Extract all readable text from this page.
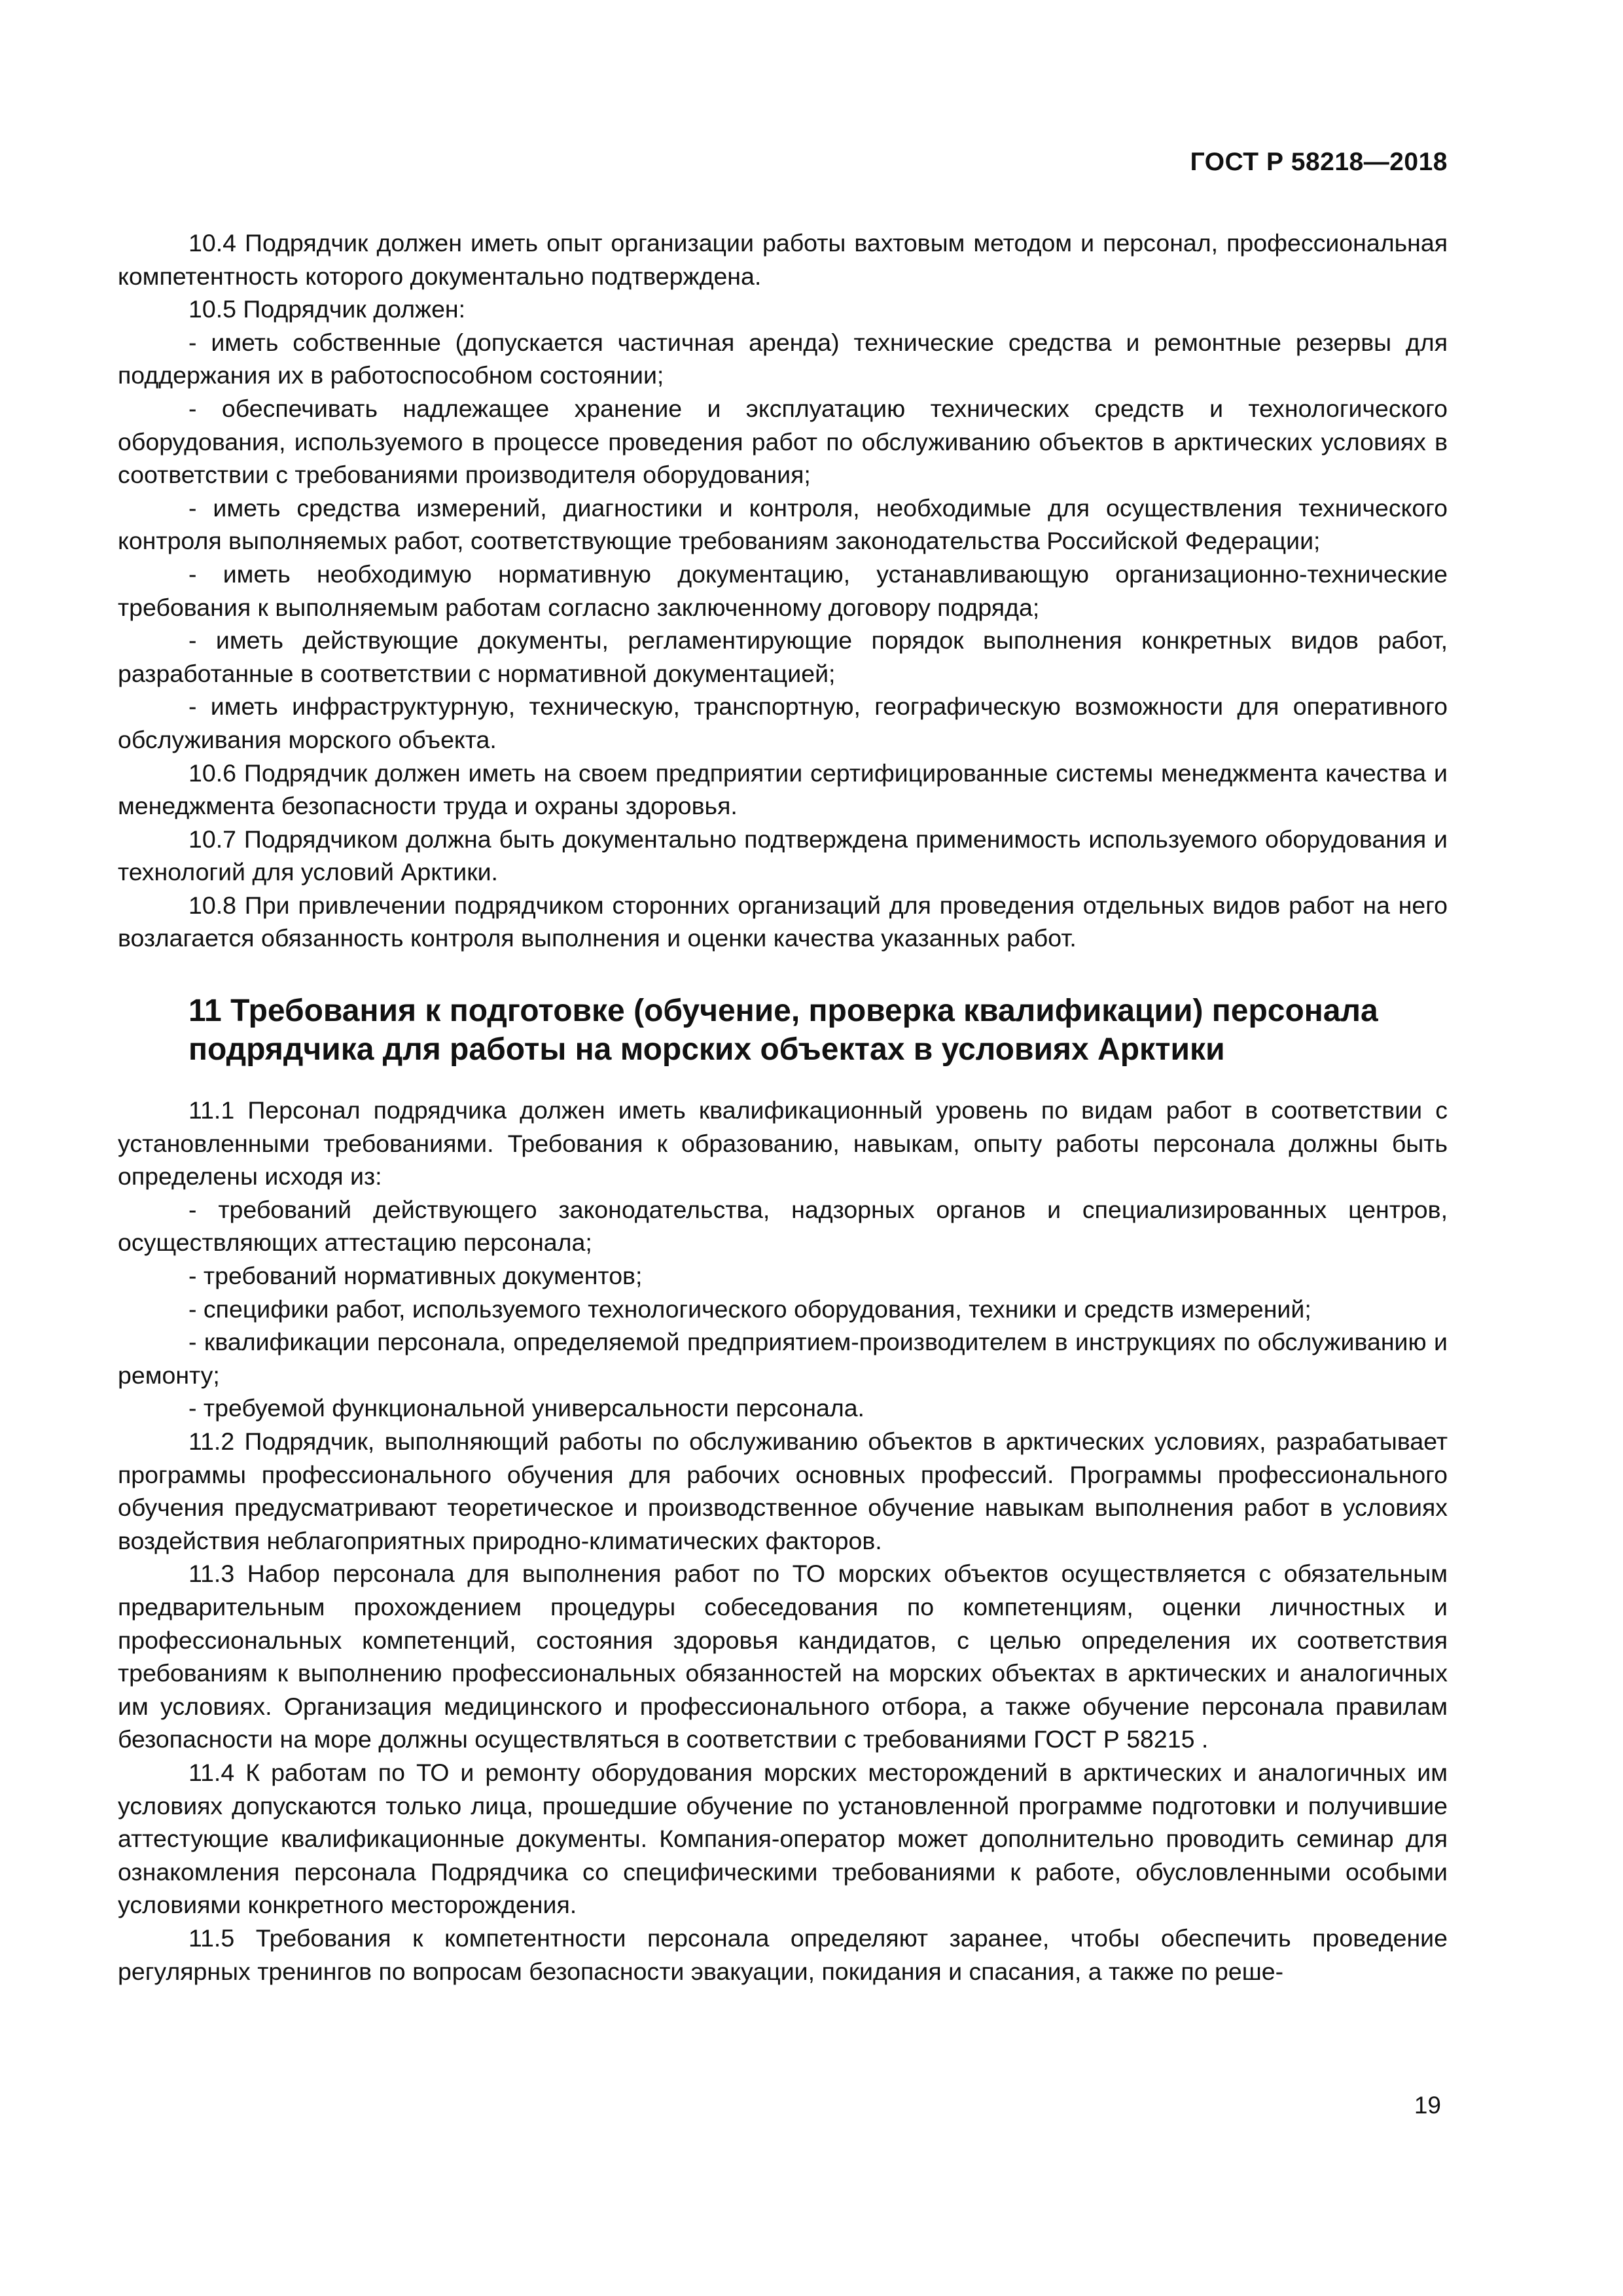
ГОСТ Р 58218—2018

10.4 Подрядчик должен иметь опыт организации работы вахтовым методом и персонал, профессиональная компетентность которого документально подтверждена.

10.5 Подрядчик должен:

- иметь собственные (допускается частичная аренда) технические средства и ремонтные резервы для поддержания их в работоспособном состоянии;

- обеспечивать надлежащее хранение и эксплуатацию технических средств и технологического оборудования, используемого в процессе проведения работ по обслуживанию объектов в арктических условиях в соответствии с требованиями производителя оборудования;

- иметь средства измерений, диагностики и контроля, необходимые для осуществления технического контроля выполняемых работ, соответствующие требованиям законодательства Российской Федерации;

- иметь необходимую нормативную документацию, устанавливающую организационно-технические требования к выполняемым работам согласно заключенному договору подряда;

- иметь действующие документы, регламентирующие порядок выполнения конкретных видов работ, разработанные в соответствии с нормативной документацией;

- иметь инфраструктурную, техническую, транспортную, географическую возможности для оперативного обслуживания морского объекта.

10.6 Подрядчик должен иметь на своем предприятии сертифицированные системы менеджмента качества и менеджмента безопасности труда и охраны здоровья.

10.7 Подрядчиком должна быть документально подтверждена применимость используемого оборудования и технологий для условий Арктики.

10.8 При привлечении подрядчиком сторонних организаций для проведения отдельных видов работ на него возлагается обязанность контроля выполнения и оценки качества указанных работ.

11 Требования к подготовке (обучение, проверка квалификации) персонала подрядчика для работы на морских объектах в условиях Арктики

11.1 Персонал подрядчика должен иметь квалификационный уровень по видам работ в соответствии с установленными требованиями. Требования к образованию, навыкам, опыту работы персонала должны быть определены исходя из:

- требований действующего законодательства, надзорных органов и специализированных центров, осуществляющих аттестацию персонала;

- требований нормативных документов;

- специфики работ, используемого технологического оборудования, техники и средств измерений;

- квалификации персонала, определяемой предприятием-производителем в инструкциях по обслуживанию и ремонту;

- требуемой функциональной универсальности персонала.

11.2 Подрядчик, выполняющий работы по обслуживанию объектов в арктических условиях, разрабатывает программы профессионального обучения для рабочих основных профессий. Программы профессионального обучения предусматривают теоретическое и производственное обучение навыкам выполнения работ в условиях воздействия неблагоприятных природно-климатических факторов.

11.3 Набор персонала для выполнения работ по ТО морских объектов осуществляется с обязательным предварительным прохождением процедуры собеседования по компетенциям, оценки личностных и профессиональных компетенций, состояния здоровья кандидатов, с целью определения их соответствия требованиям к выполнению профессиональных обязанностей на морских объектах в арктических и аналогичных им условиях. Организация медицинского и профессионального отбора, а также обучение персонала правилам безопасности на море должны осуществляться в соответствии с требованиями ГОСТ Р 58215 .

11.4 К работам по ТО и ремонту оборудования морских месторождений в арктических и аналогичных им условиях допускаются только лица, прошедшие обучение по установленной программе подготовки и получившие аттестующие квалификационные документы. Компания-оператор может дополнительно проводить семинар для ознакомления персонала Подрядчика со специфическими требованиями к работе, обусловленными особыми условиями конкретного месторождения.

11.5 Требования к компетентности персонала определяют заранее, чтобы обеспечить проведение регулярных тренингов по вопросам безопасности эвакуации, покидания и спасания, а также по реше-

19
